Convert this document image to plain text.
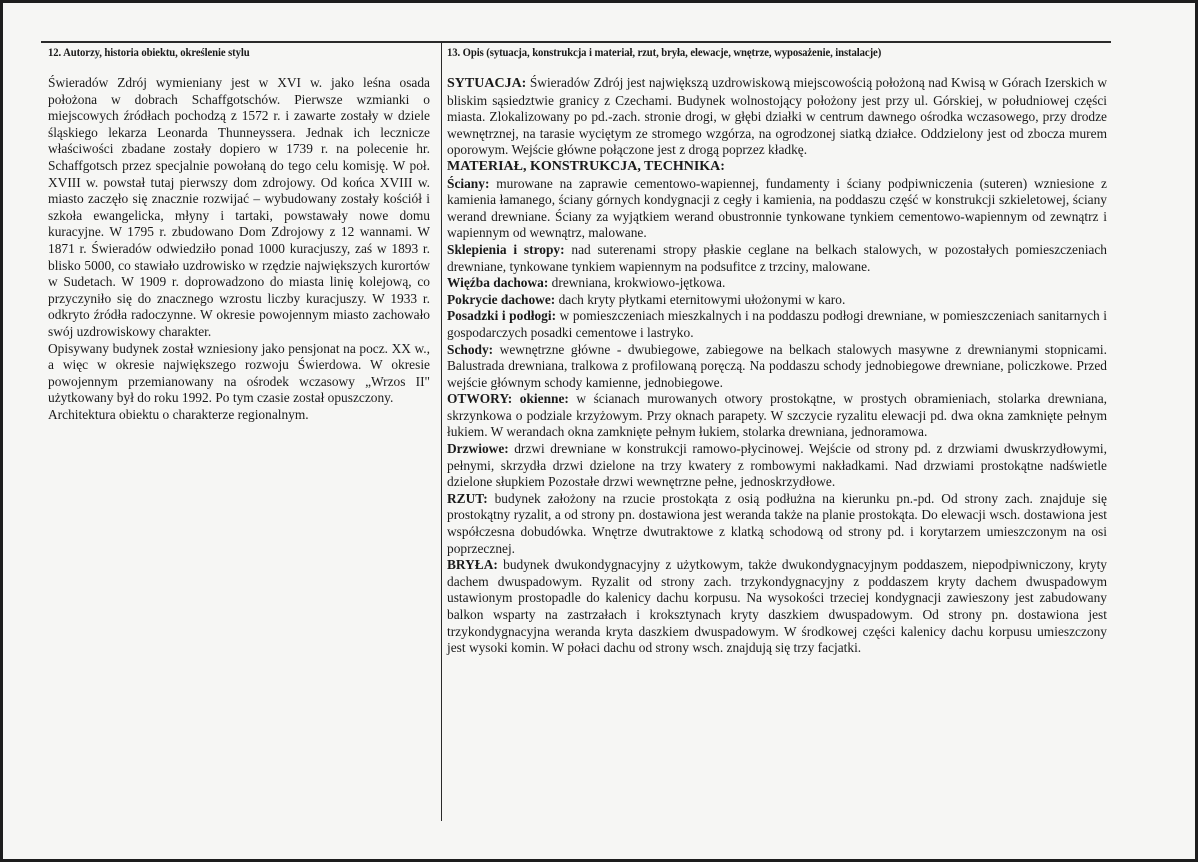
12. Autorzy, historia obiektu, określenie stylu

Świeradów Zdrój wymieniany jest w XVI w. jako leśna osada położona w dobrach Schaffgotschów. Pierwsze wzmianki o miejscowych źródłach pochodzą z 1572 r. i zawarte zostały w dziele śląskiego lekarza Leonarda Thunneyssera. Jednak ich lecznicze właściwości zbadane zostały dopiero w 1739 r. na polecenie hr. Schaffgotsch przez specjalnie powołaną do tego celu komisję. W poł. XVIII w. powstał tutaj pierwszy dom zdrojowy. Od końca XVIII w. miasto zaczęło się znacznie rozwijać – wybudowany zostały kościół i szkoła ewangelicka, młyny i tartaki, powstawały nowe domu kuracyjne. W 1795 r. zbudowano Dom Zdrojowy z 12 wannami. W 1871 r. Świeradów odwiedziło ponad 1000 kuracjuszy, zaś w 1893 r. blisko 5000, co stawiało uzdrowisko w rzędzie największych kurortów w Sudetach. W 1909 r. doprowadzono do miasta linię kolejową, co przyczyniło się do znacznego wzrostu liczby kuracjuszy. W 1933 r. odkryto źródła radoczynne. W okresie powojennym miasto zachowało swój uzdrowiskowy charakter.

Opisywany budynek został wzniesiony jako pensjonat na pocz. XX w., a więc w okresie największego rozwoju Świerdowa. W okresie powojennym przemianowany na ośrodek wczasowy „Wrzos II" użytkowany był do roku 1992. Po tym czasie został opuszczony.

Architektura obiektu o charakterze regionalnym.

13. Opis (sytuacja, konstrukcja i materiał, rzut, bryła, elewacje, wnętrze, wyposażenie, instalacje)

SYTUACJA: Świeradów Zdrój jest największą uzdrowiskową miejscowością położoną nad Kwisą w Górach Izerskich w bliskim sąsiedztwie granicy z Czechami. Budynek wolnostojący położony jest przy ul. Górskiej, w południowej części miasta. Zlokalizowany po pd.-zach. stronie drogi, w głębi działki w centrum dawnego ośrodka wczasowego, przy drodze wewnętrznej, na tarasie wyciętym ze stromego wzgórza, na ogrodzonej siatką działce. Oddzielony jest od zbocza murem oporowym. Wejście główne połączone jest z drogą poprzez kładkę.

MATERIAŁ, KONSTRUKCJA, TECHNIKA:

Ściany: murowane na zaprawie cementowo-wapiennej, fundamenty i ściany podpiwniczenia (suteren) wzniesione z kamienia łamanego, ściany górnych kondygnacji z cegły i kamienia, na poddaszu część w konstrukcji szkieletowej, ściany werand drewniane. Ściany za wyjątkiem werand obustronnie tynkowane tynkiem cementowo-wapiennym od zewnątrz i wapiennym od wewnątrz, malowane.

Sklepienia i stropy: nad suterenami stropy płaskie ceglane na belkach stalowych, w pozostałych pomieszczeniach drewniane, tynkowane tynkiem wapiennym na podsufitce z trzciny, malowane.

Więźba dachowa: drewniana, krokwiowo-jętkowa.

Pokrycie dachowe: dach kryty płytkami eternitowymi ułożonymi w karo.

Posadzki i podłogi: w pomieszczeniach mieszkalnych i na poddaszu podłogi drewniane, w pomieszczeniach sanitarnych i gospodarczych posadki cementowe i lastryko.

Schody: wewnętrzne główne - dwubiegowe, zabiegowe na belkach stalowych masywne z drewnianymi stopnicami. Balustrada drewniana, tralkowa z profilowaną poręczą. Na poddaszu schody jednobiegowe drewniane, policzkowe. Przed wejście głównym schody kamienne, jednobiegowe.

OTWORY: okienne: w ścianach murowanych otwory prostokątne, w prostych obramieniach, stolarka drewniana, skrzynkowa o podziale krzyżowym. Przy oknach parapety. W szczycie ryzalitu elewacji pd. dwa okna zamknięte pełnym łukiem. W werandach okna zamknięte pełnym łukiem, stolarka drewniana, jednoramowa.

Drzwiowe: drzwi drewniane w konstrukcji ramowo-płycinowej. Wejście od strony pd. z drzwiami dwuskrzydłowymi, pełnymi, skrzydła drzwi dzielone na trzy kwatery z rombowymi nakładkami. Nad drzwiami prostokątne nadświetle dzielone słupkiem Pozostałe drzwi wewnętrzne pełne, jednoskrzydłowe.

RZUT: budynek założony na rzucie prostokąta z osią podłużna na kierunku pn.-pd. Od strony zach. znajduje się prostokątny ryzalit, a od strony pn. dostawiona jest weranda także na planie prostokąta. Do elewacji wsch. dostawiona jest współczesna dobudówka. Wnętrze dwutraktowe z klatką schodową od strony pd. i korytarzem umieszczonym na osi poprzecznej.

BRYŁA: budynek dwukondygnacyjny z użytkowym, także dwukondygnacyjnym poddaszem, niepodpiwniczony, kryty dachem dwuspadowym. Ryzalit od strony zach. trzykondygnacyjny z poddaszem kryty dachem dwuspadowym ustawionym prostopadle do kalenicy dachu korpusu. Na wysokości trzeciej kondygnacji zawieszony jest zabudowany balkon wsparty na zastrzałach i kroksztynach kryty daszkiem dwuspadowym. Od strony pn. dostawiona jest trzykondygnacyjna weranda kryta daszkiem dwuspadowym. W środkowej części kalenicy dachu korpusu umieszczony jest wysoki komin. W połaci dachu od strony wsch. znajdują się trzy facjatki.
